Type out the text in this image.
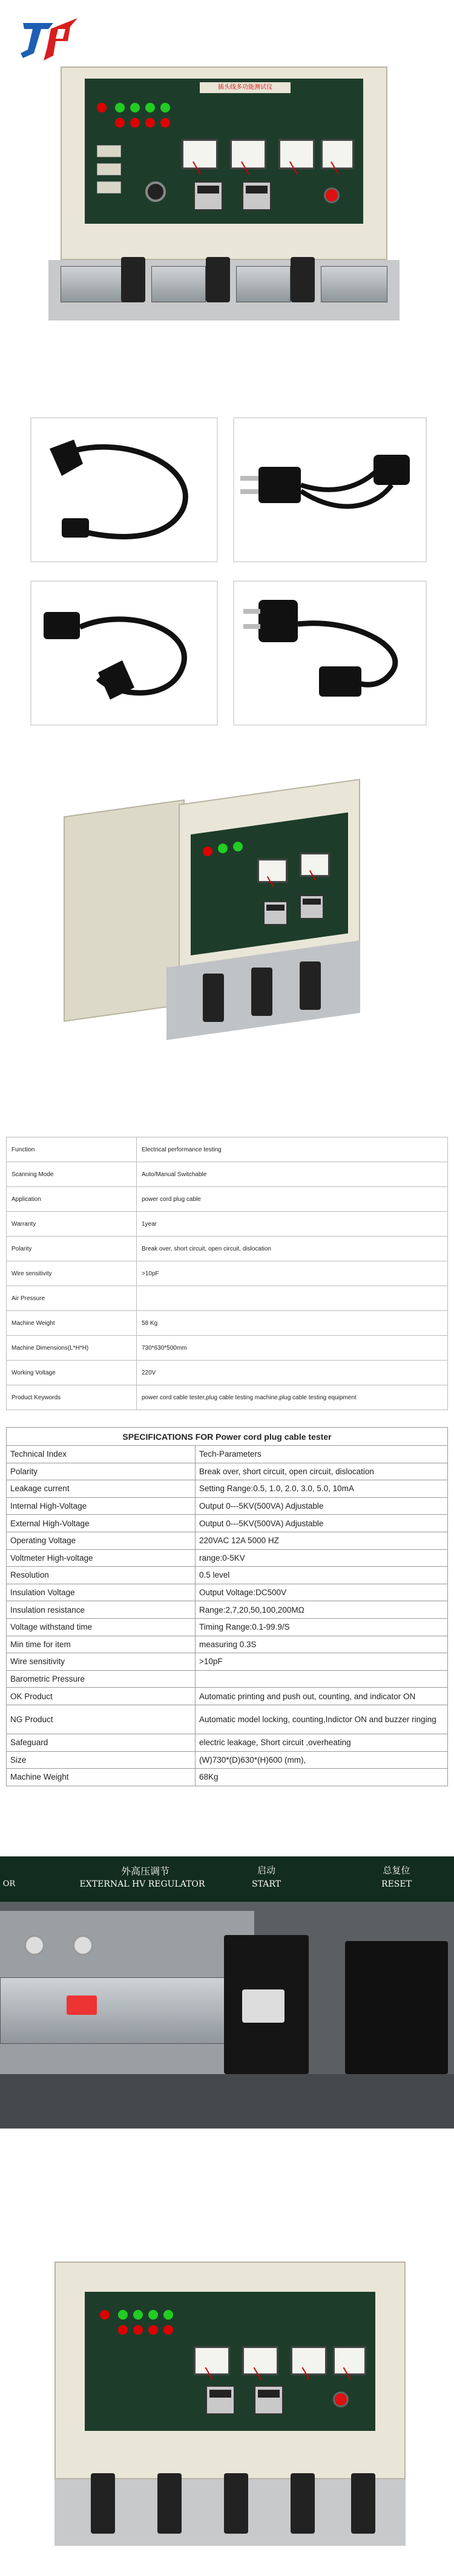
插头线多功能测试仪
Function	Electrical performance testing
Scanning Mode	Auto/Manual Switchable
Application	power cord plug cable
Warranty	1year
Polarity	Break over, short circuit, open circuit, dislocation
Wire sensitivity	>10pF
Air Pressure	
Machine Weight	58 Kg
Machine Dimensions(L*H*H)	730*630*500mm
Working Voltage	220V
Product Keywords	power cord cable tester,plug cable testing machine,plug cable testing equipment
SPECIFICATIONS FOR Power cord plug cable tester	
Technical Index	Tech-Parameters
Polarity	Break over, short circuit, open circuit, dislocation
Leakage current	Setting Range:0.5, 1.0, 2.0, 3.0, 5.0, 10mA
Internal High-Voltage	Output 0---5KV(500VA) Adjustable
External High-Voltage	Output 0---5KV(500VA) Adjustable
Operating Voltage	220VAC 12A 5000 HZ
Voltmeter High-voltage	range:0-5KV
Resolution	0.5 level
Insulation Voltage	Output Voltage:DC500V
Insulation resistance	Range:2,7,20,50,100,200MΩ
Voltage withstand time	Timing Range:0.1-99.9/S
Min time for item	measuring 0.3S
Wire sensitivity	>10pF
Barometric Pressure	
OK Product	Automatic printing and push out, counting, and indicator ON
NG Product	Automatic model locking, counting,Indictor ON and buzzer ringing
Safeguard	electric leakage, Short circuit ,overheating
Size	(W)730*(D)630*(H)600 (mm),
Machine Weight	68Kg
OR
外高压调节
EXTERNAL HV REGULATOR
启动
START
总复位
RESET
